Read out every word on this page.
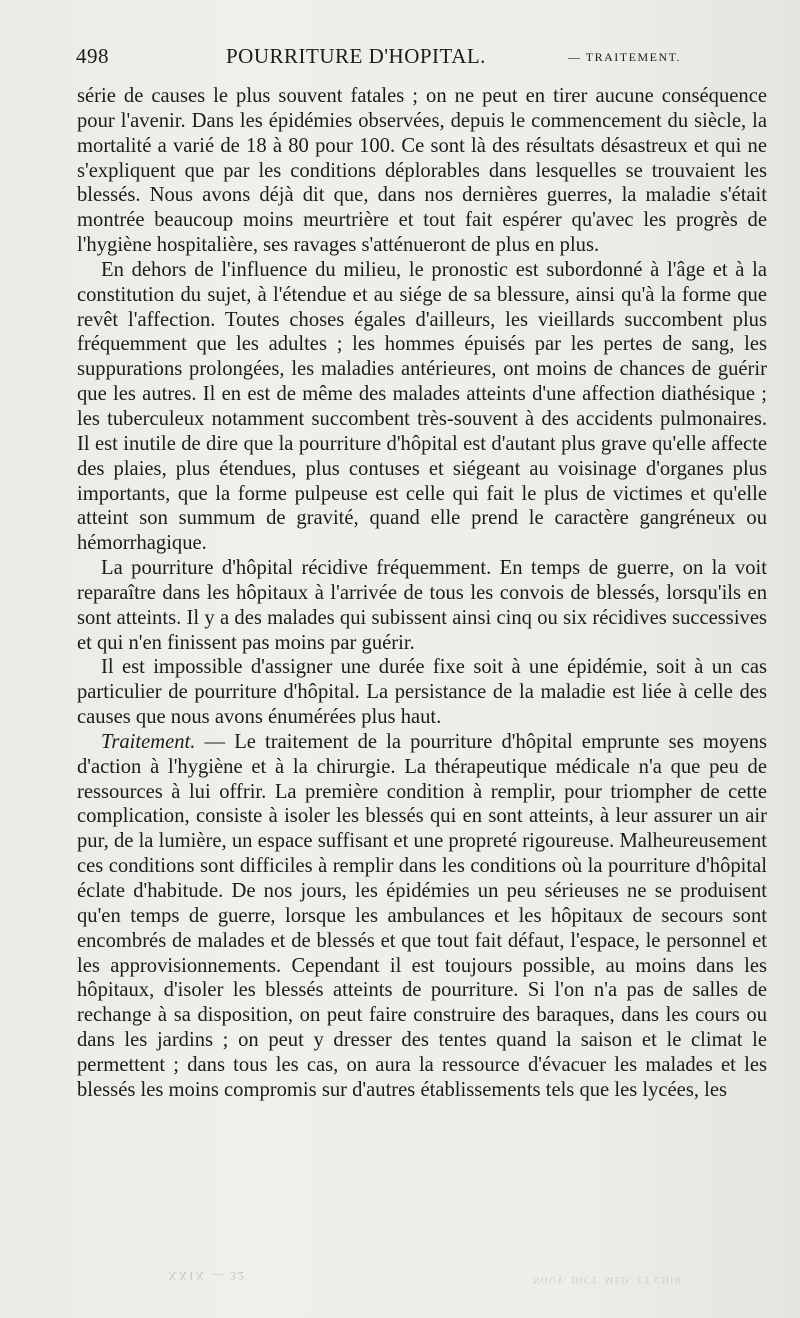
498	POURRITURE D'HOPITAL.	— TRAITEMENT.

série de causes le plus souvent fatales ; on ne peut en tirer aucune conséquence pour l'avenir. Dans les épidémies observées, depuis le commencement du siècle, la mortalité a varié de 18 à 80 pour 100. Ce sont là des résultats désastreux et qui ne s'expliquent que par les conditions déplorables dans lesquelles se trouvaient les blessés. Nous avons déjà dit que, dans nos dernières guerres, la maladie s'était montrée beaucoup moins meurtrière et tout fait espérer qu'avec les progrès de l'hygiène hospitalière, ses ravages s'atténueront de plus en plus.

En dehors de l'influence du milieu, le pronostic est subordonné à l'âge et à la constitution du sujet, à l'étendue et au siége de sa blessure, ainsi qu'à la forme que revêt l'affection. Toutes choses égales d'ailleurs, les vieillards succombent plus fréquemment que les adultes ; les hommes épuisés par les pertes de sang, les suppurations prolongées, les maladies antérieures, ont moins de chances de guérir que les autres. Il en est de même des malades atteints d'une affection diathésique ; les tuberculeux notamment succombent très-souvent à des accidents pulmonaires. Il est inutile de dire que la pourriture d'hôpital est d'autant plus grave qu'elle affecte des plaies, plus étendues, plus contuses et siégeant au voisinage d'organes plus importants, que la forme pulpeuse est celle qui fait le plus de victimes et qu'elle atteint son summum de gravité, quand elle prend le caractère gangréneux ou hémorrhagique.

La pourriture d'hôpital récidive fréquemment. En temps de guerre, on la voit reparaître dans les hôpitaux à l'arrivée de tous les convois de blessés, lorsqu'ils en sont atteints. Il y a des malades qui subissent ainsi cinq ou six récidives successives et qui n'en finissent pas moins par guérir.

Il est impossible d'assigner une durée fixe soit à une épidémie, soit à un cas particulier de pourriture d'hôpital. La persistance de la maladie est liée à celle des causes que nous avons énumérées plus haut.

Traitement. — Le traitement de la pourriture d'hôpital emprunte ses moyens d'action à l'hygiène et à la chirurgie. La thérapeutique médicale n'a que peu de ressources à lui offrir. La première condition à remplir, pour triompher de cette complication, consiste à isoler les blessés qui en sont atteints, à leur assurer un air pur, de la lumière, un espace suffisant et une propreté rigoureuse. Malheureusement ces conditions sont difficiles à remplir dans les conditions où la pourriture d'hôpital éclate d'habitude. De nos jours, les épidémies un peu sérieuses ne se produisent qu'en temps de guerre, lorsque les ambulances et les hôpitaux de secours sont encombrés de malades et de blessés et que tout fait défaut, l'espace, le personnel et les approvisionnements. Cependant il est toujours possible, au moins dans les hôpitaux, d'isoler les blessés atteints de pourriture. Si l'on n'a pas de salles de rechange à sa disposition, on peut faire construire des baraques, dans les cours ou dans les jardins ; on peut y dresser des tentes quand la saison et le climat le permettent ; dans tous les cas, on aura la ressource d'évacuer les malades et les blessés les moins compromis sur d'autres établissements tels que les lycées, les

XXIX — 32	NOUV. DICT. MÉD. ET CHIR.
